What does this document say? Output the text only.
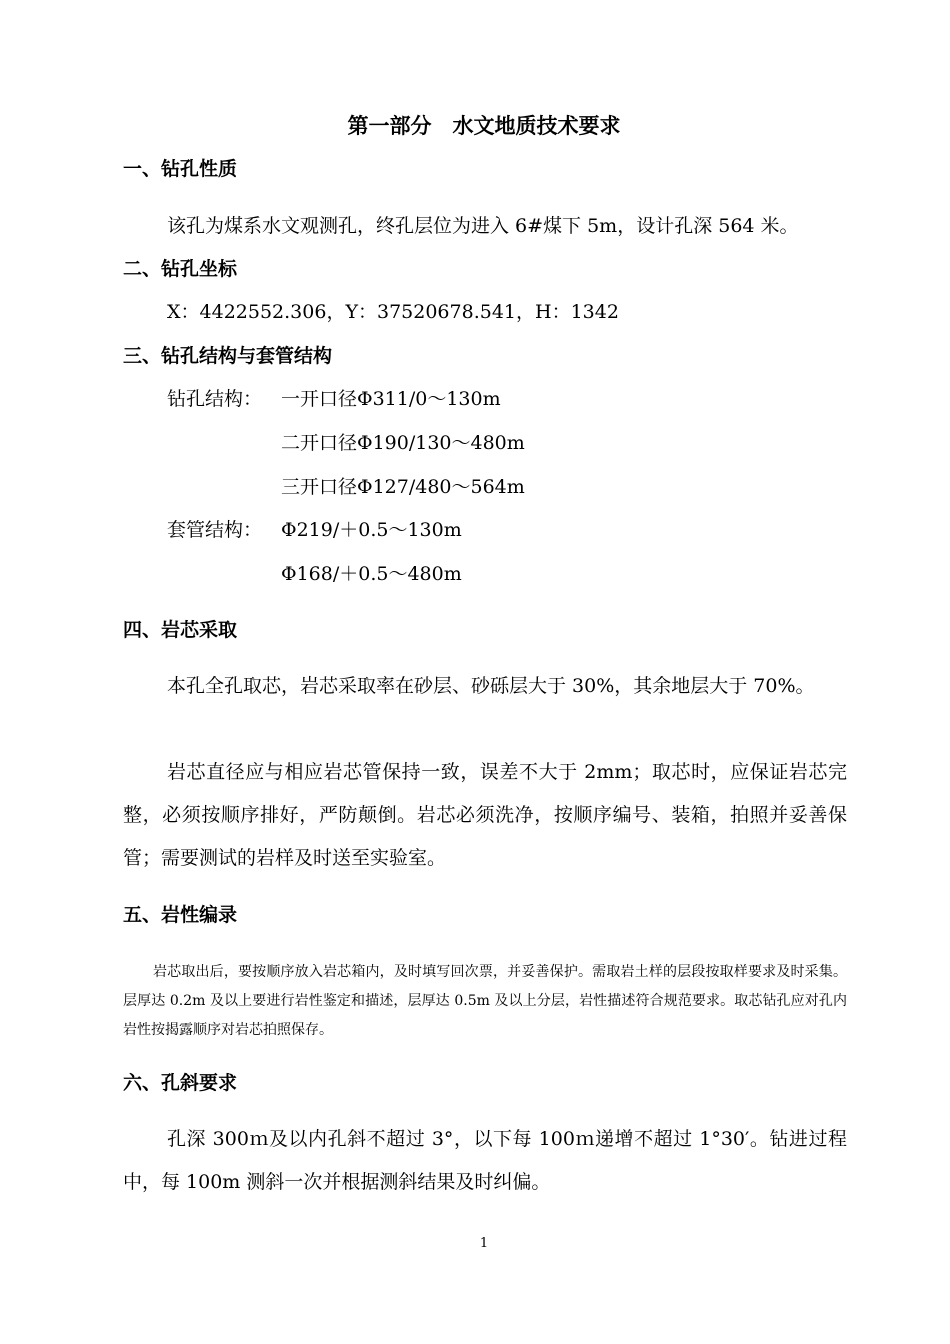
第一部分　水文地质技术要求
一、钻孔性质
该孔为煤系水文观测孔，终孔层位为进入 6#煤下 5m，设计孔深 564 米。
二、钻孔坐标
X：4422552.306，Y：37520678.541，H：1342
三、钻孔结构与套管结构
钻孔结构： 一开口径Φ311/0～130m
二开口径Φ190/130～480m
三开口径Φ127/480～564m
套管结构： Φ219/＋0.5～130m
Φ168/＋0.5～480m
四、岩芯采取
本孔全孔取芯，岩芯采取率在砂层、砂砾层大于 30%，其余地层大于 70%。
岩芯直径应与相应岩芯管保持一致，误差不大于 2mm；取芯时，应保证岩芯完整，必须按顺序排好，严防颠倒。岩芯必须洗净，按顺序编号、装箱，拍照并妥善保管；需要测试的岩样及时送至实验室。
五、岩性编录
岩芯取出后，要按顺序放入岩芯箱内，及时填写回次票，并妥善保护。需取岩土样的层段按取样要求及时采集。层厚达 0.2m 及以上要进行岩性鉴定和描述，层厚达 0.5m 及以上分层，岩性描述符合规范要求。取芯钻孔应对孔内岩性按揭露顺序对岩芯拍照保存。
六、孔斜要求
孔深 300ｍ及以内孔斜不超过 3°，以下每 100ｍ递增不超过 1°30′。钻进过程中，每 100m 测斜一次并根据测斜结果及时纠偏。
1
